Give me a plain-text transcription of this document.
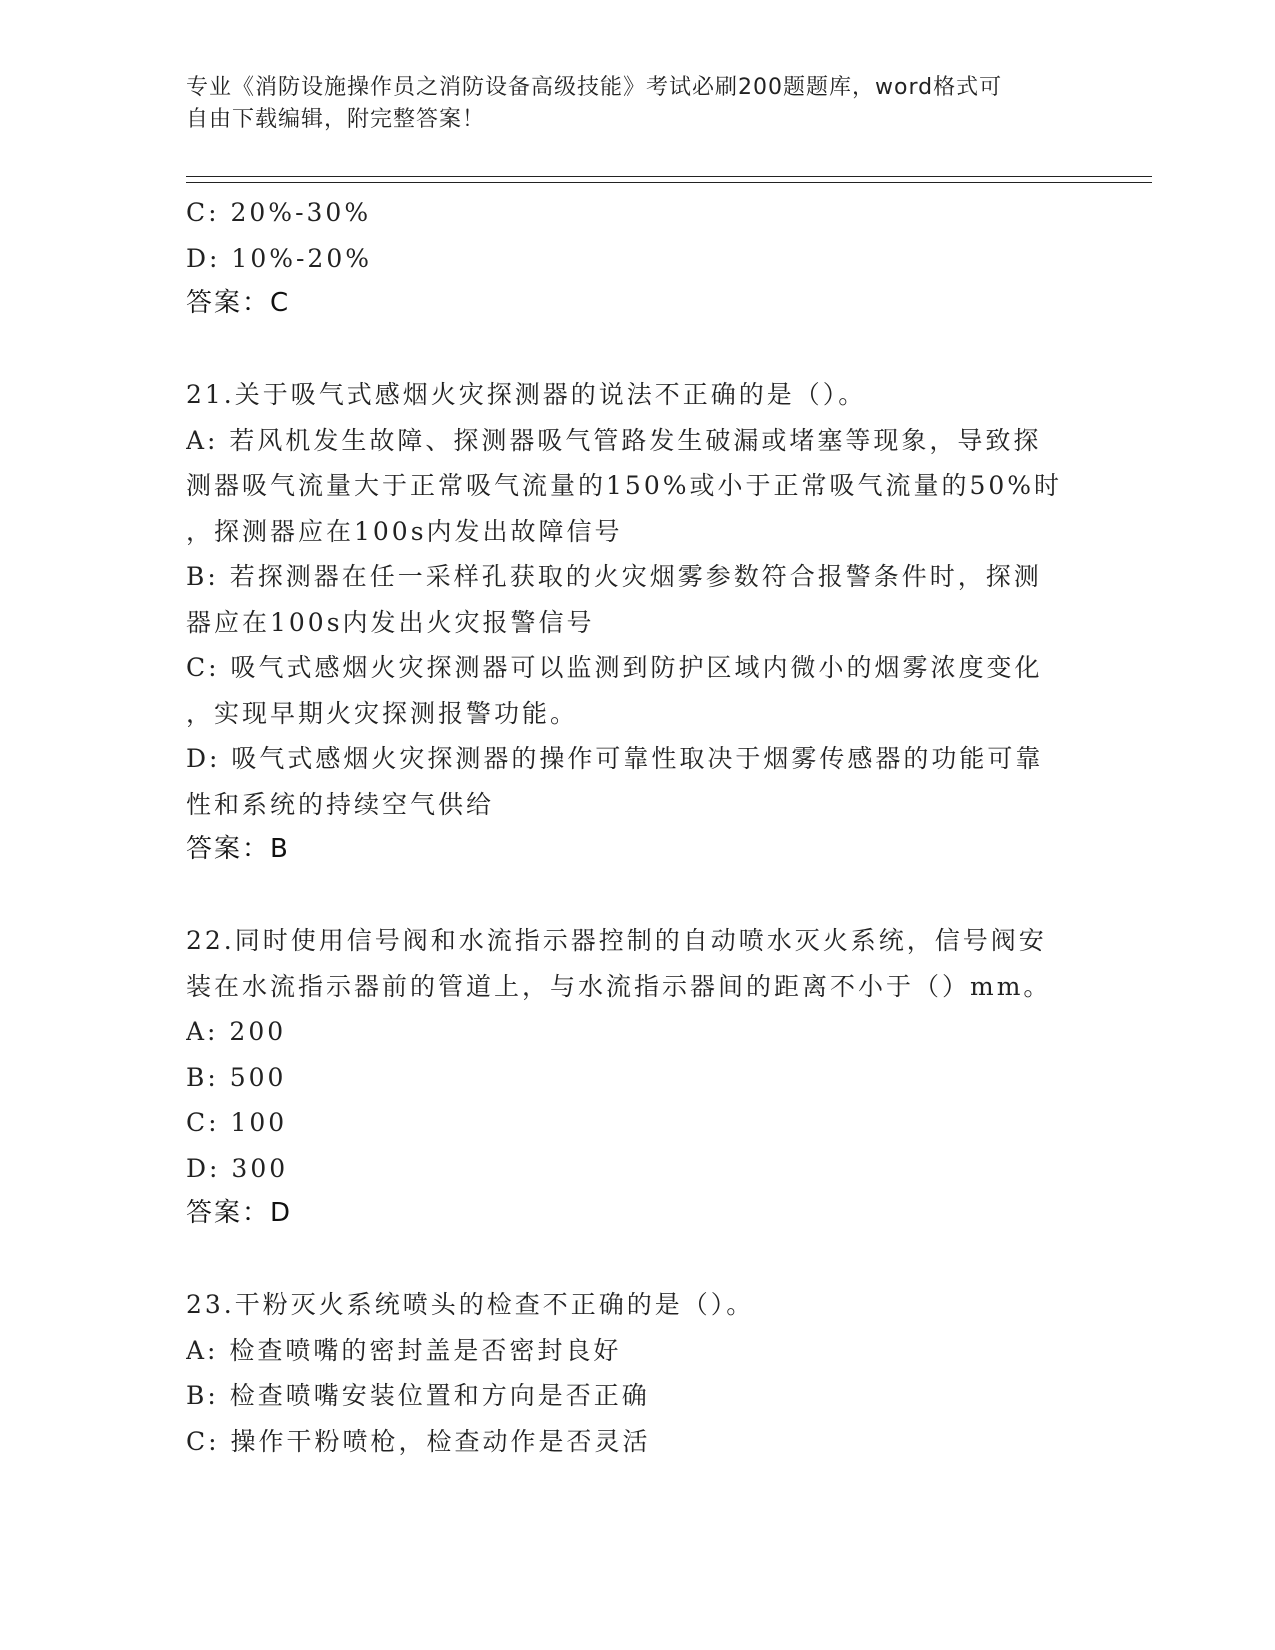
专业《消防设施操作员之消防设备高级技能》考试必刷200题题库，word格式可
自由下载编辑，附完整答案！
C: 20%-30%
D: 10%-20%
答案：C
21.关于吸气式感烟火灾探测器的说法不正确的是（）。
A: 若风机发生故障、探测器吸气管路发生破漏或堵塞等现象，导致探
测器吸气流量大于正常吸气流量的150%或小于正常吸气流量的50%时
，探测器应在100s内发出故障信号
B: 若探测器在任一采样孔获取的火灾烟雾参数符合报警条件时，探测
器应在100s内发出火灾报警信号
C: 吸气式感烟火灾探测器可以监测到防护区域内微小的烟雾浓度变化
，实现早期火灾探测报警功能。
D: 吸气式感烟火灾探测器的操作可靠性取决于烟雾传感器的功能可靠
性和系统的持续空气供给
答案：B
22.同时使用信号阀和水流指示器控制的自动喷水灭火系统，信号阀安
装在水流指示器前的管道上，与水流指示器间的距离不小于（）mm。
A: 200
B: 500
C: 100
D: 300
答案：D
23.干粉灭火系统喷头的检查不正确的是（）。
A: 检查喷嘴的密封盖是否密封良好
B: 检查喷嘴安装位置和方向是否正确
C: 操作干粉喷枪，检查动作是否灵活
